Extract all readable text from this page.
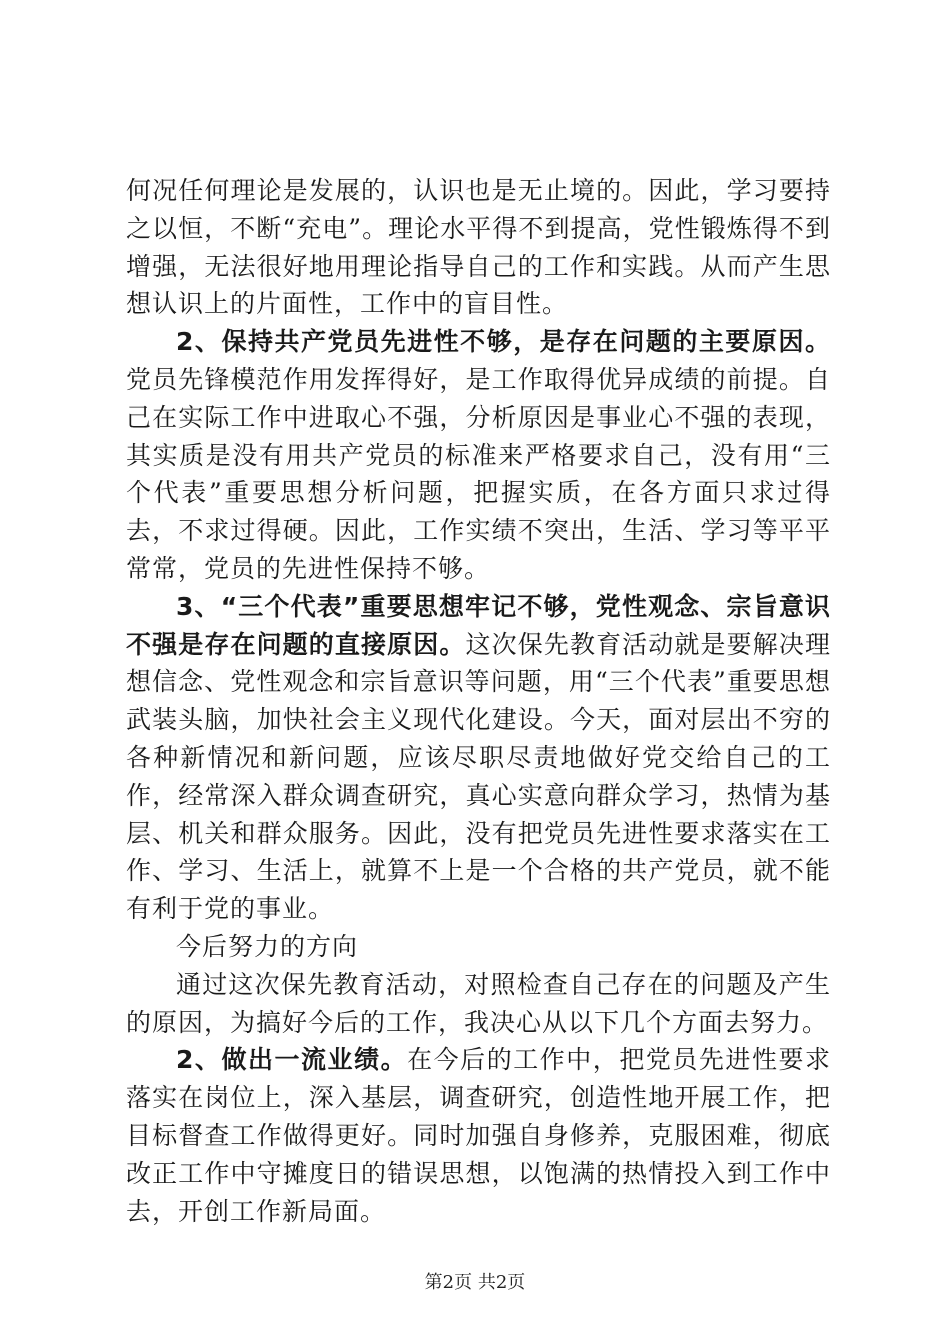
何况任何理论是发展的，认识也是无止境的。因此，学习要持之以恒，不断“充电”。理论水平得不到提高，党性锻炼得不到增强，无法很好地用理论指导自己的工作和实践。从而产生思想认识上的片面性，工作中的盲目性。

2、保持共产党员先进性不够，是存在问题的主要原因。党员先锋模范作用发挥得好，是工作取得优异成绩的前提。自己在实际工作中进取心不强，分析原因是事业心不强的表现，其实质是没有用共产党员的标准来严格要求自己，没有用“三个代表”重要思想分析问题，把握实质，在各方面只求过得去，不求过得硬。因此，工作实绩不突出，生活、学习等平平常常，党员的先进性保持不够。

3、“三个代表”重要思想牢记不够，党性观念、宗旨意识不强是存在问题的直接原因。这次保先教育活动就是要解决理想信念、党性观念和宗旨意识等问题，用“三个代表”重要思想武装头脑，加快社会主义现代化建设。今天，面对层出不穷的各种新情况和新问题，应该尽职尽责地做好党交给自己的工作，经常深入群众调查研究，真心实意向群众学习，热情为基层、机关和群众服务。因此，没有把党员先进性要求落实在工作、学习、生活上，就算不上是一个合格的共产党员，就不能有利于党的事业。

今后努力的方向

通过这次保先教育活动，对照检查自己存在的问题及产生的原因，为搞好今后的工作，我决心从以下几个方面去努力。

2、做出一流业绩。在今后的工作中，把党员先进性要求落实在岗位上，深入基层，调查研究，创造性地开展工作，把目标督查工作做得更好。同时加强自身修养，克服困难，彻底改正工作中守摊度日的错误思想，以饱满的热情投入到工作中去，开创工作新局面。

第2页 共2页
